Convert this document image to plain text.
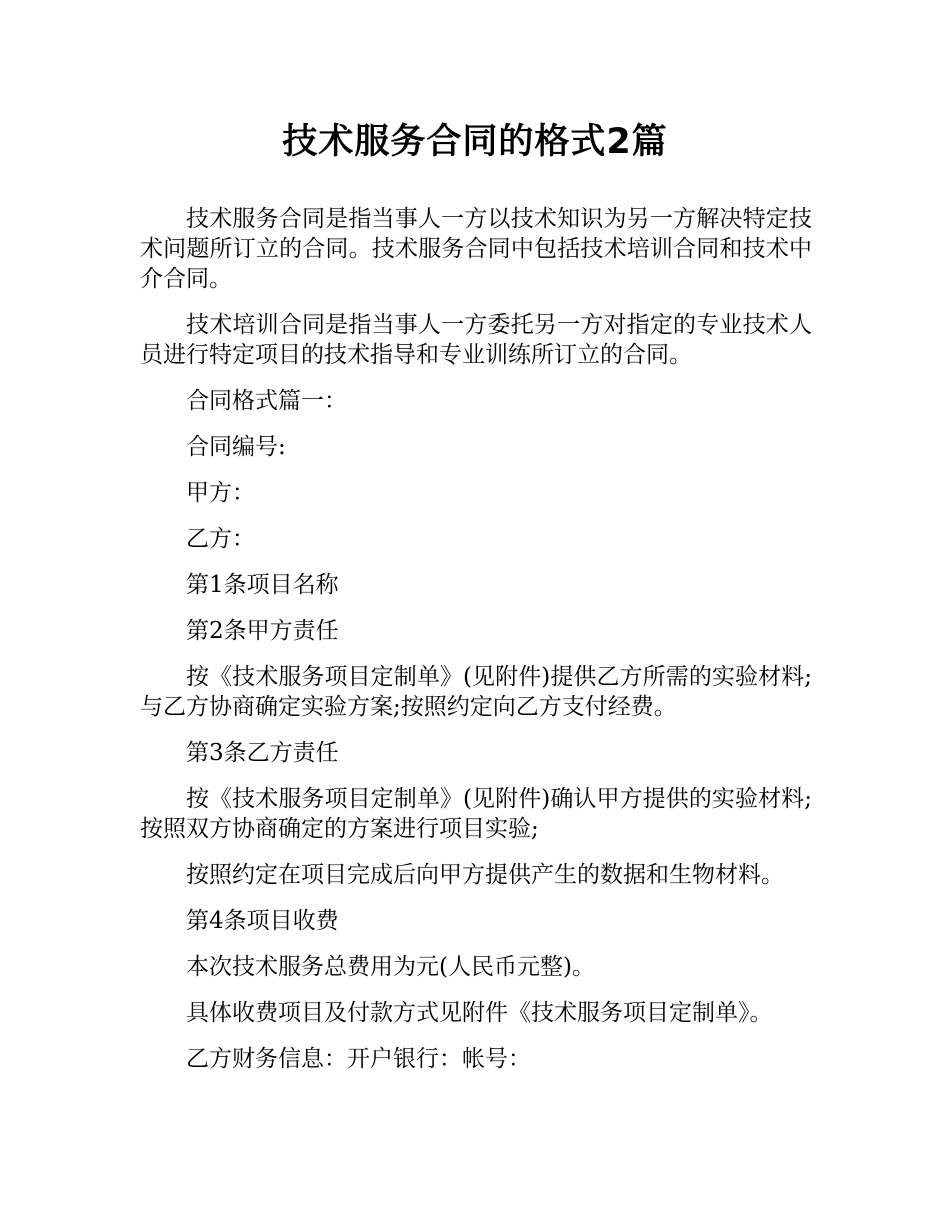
技术服务合同的格式2篇

技术服务合同是指当事人一方以技术知识为另一方解决特定技术问题所订立的合同。技术服务合同中包括技术培训合同和技术中介合同。

技术培训合同是指当事人一方委托另一方对指定的专业技术人员进行特定项目的技术指导和专业训练所订立的合同。

合同格式篇一：

合同编号:

甲方：

乙方：

第1条项目名称

第2条甲方责任

按《技术服务项目定制单》(见附件)提供乙方所需的实验材料;与乙方协商确定实验方案;按照约定向乙方支付经费。

第3条乙方责任

按《技术服务项目定制单》(见附件)确认甲方提供的实验材料;按照双方协商确定的方案进行项目实验;

按照约定在项目完成后向甲方提供产生的数据和生物材料。

第4条项目收费

本次技术服务总费用为元(人民币元整)。

具体收费项目及付款方式见附件《技术服务项目定制单》。

乙方财务信息：开户银行：帐号：
